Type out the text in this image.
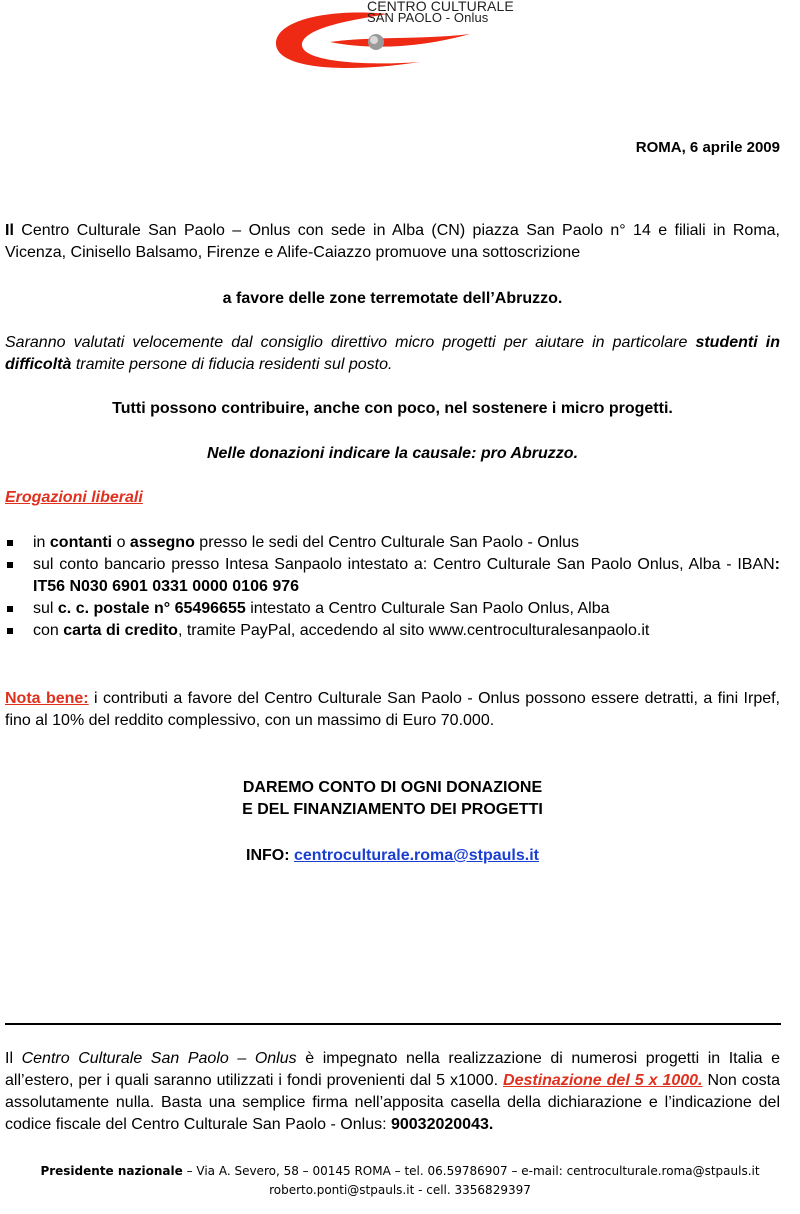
CENTRO CULTURALE
SAN PAOLO - Onlus
ROMA, 6 aprile 2009
Il Centro Culturale San Paolo – Onlus con sede in Alba (CN) piazza San Paolo n° 14 e filiali in Roma, Vicenza, Cinisello Balsamo, Firenze e Alife-Caiazzo promuove una sottoscrizione
a favore delle zone terremotate dell’Abruzzo.
Saranno valutati velocemente dal consiglio direttivo micro progetti per aiutare in particolare studenti in difficoltà tramite persone di fiducia residenti sul posto.
Tutti possono contribuire, anche con poco, nel sostenere i micro progetti.
Nelle donazioni indicare la causale: pro Abruzzo.
Erogazioni liberali
in contanti o assegno presso le sedi del Centro Culturale San Paolo - Onlus
sul conto bancario presso Intesa Sanpaolo intestato a: Centro Culturale San Paolo Onlus, Alba - IBAN: IT56 N030 6901 0331 0000 0106 976
sul c. c. postale n° 65496655 intestato a Centro Culturale San Paolo Onlus, Alba
con carta di credito, tramite PayPal, accedendo al sito www.centroculturalesanpaolo.it
Nota bene: i contributi a favore del Centro Culturale San Paolo - Onlus possono essere detratti, a fini Irpef, fino al 10% del reddito complessivo, con un massimo di Euro 70.000.
DAREMO CONTO DI OGNI DONAZIONE
E DEL FINANZIAMENTO DEI PROGETTI
INFO: centroculturale.roma@stpauls.it
Il Centro Culturale San Paolo – Onlus è impegnato nella realizzazione di numerosi progetti in Italia e all’estero, per i quali saranno utilizzati i fondi provenienti dal 5 x1000. Destinazione del 5 x 1000. Non costa assolutamente nulla. Basta una semplice firma nell’apposita casella della dichiarazione e l’indicazione del codice fiscale del Centro Culturale San Paolo - Onlus: 90032020043.
Presidente nazionale – Via A. Severo, 58 – 00145 ROMA – tel. 06.59786907 – e-mail: centroculturale.roma@stpauls.it
roberto.ponti@stpauls.it - cell. 3356829397
